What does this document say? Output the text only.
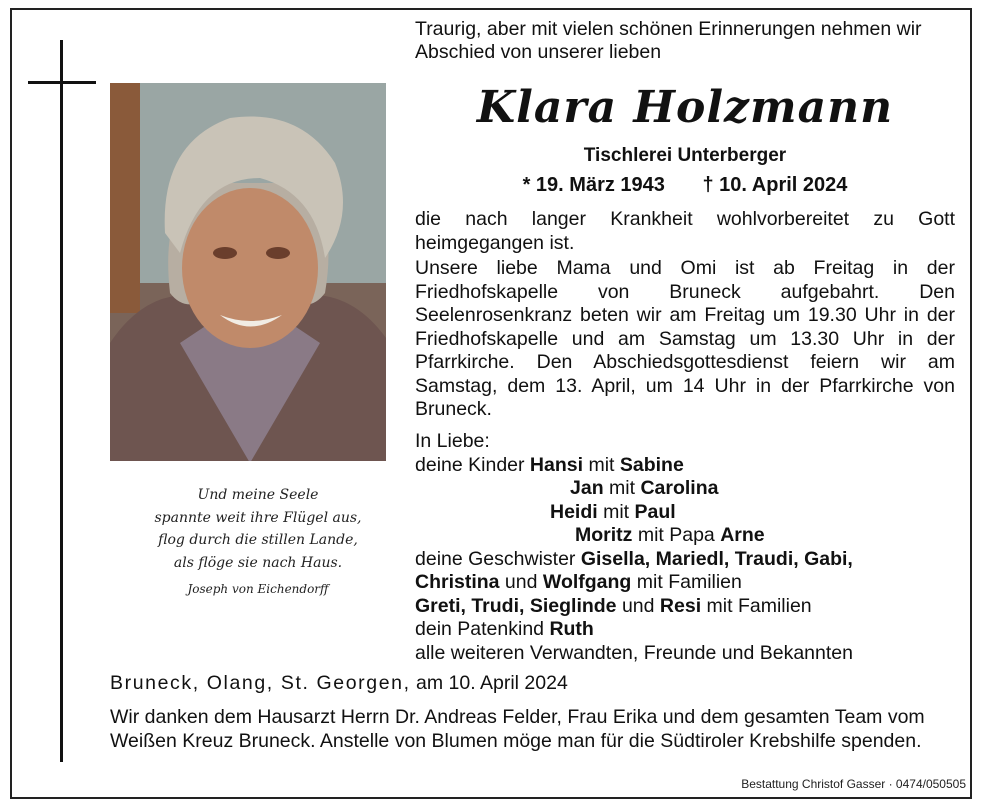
Und meine Seele
spannte weit ihre Flügel aus,
flog durch die stillen Lande,
als flöge sie nach Haus.
Joseph von Eichendorff
Traurig, aber mit vielen schönen Erinnerungen nehmen wir Abschied von unserer lieben
Klara Holzmann
Tischlerei Unterberger
* 19. März 1943 † 10. April 2024

die nach langer Krankheit wohlvorbereitet zu Gott heimgegangen ist.

Unsere liebe Mama und Omi ist ab Freitag in der Friedhofskapelle von Bruneck aufgebahrt. Den Seelenrosenkranz beten wir am Freitag um 19.30 Uhr in der Friedhofskapelle und am Samstag um 13.30 Uhr in der Pfarrkirche. Den Abschiedsgottesdienst feiern wir am Samstag, dem 13. April, um 14 Uhr in der Pfarrkirche von Bruneck.

In Liebe:
deine Kinder Hansi mit Sabine
Jan mit Carolina
Heidi mit Paul
Moritz mit Papa Arne
deine Geschwister Gisella, Mariedl, Traudi, Gabi,
Christina und Wolfgang mit Familien
Greti, Trudi, Sieglinde und Resi mit Familien
dein Patenkind Ruth
alle weiteren Verwandten, Freunde und Bekannten
Bruneck, Olang, St. Georgen, am 10. April 2024
Wir danken dem Hausarzt Herrn Dr. Andreas Felder, Frau Erika und dem gesamten Team vom Weißen Kreuz Bruneck. Anstelle von Blumen möge man für die Südtiroler Krebshilfe spenden.
Bestattung Christof Gasser · 0474/050505
